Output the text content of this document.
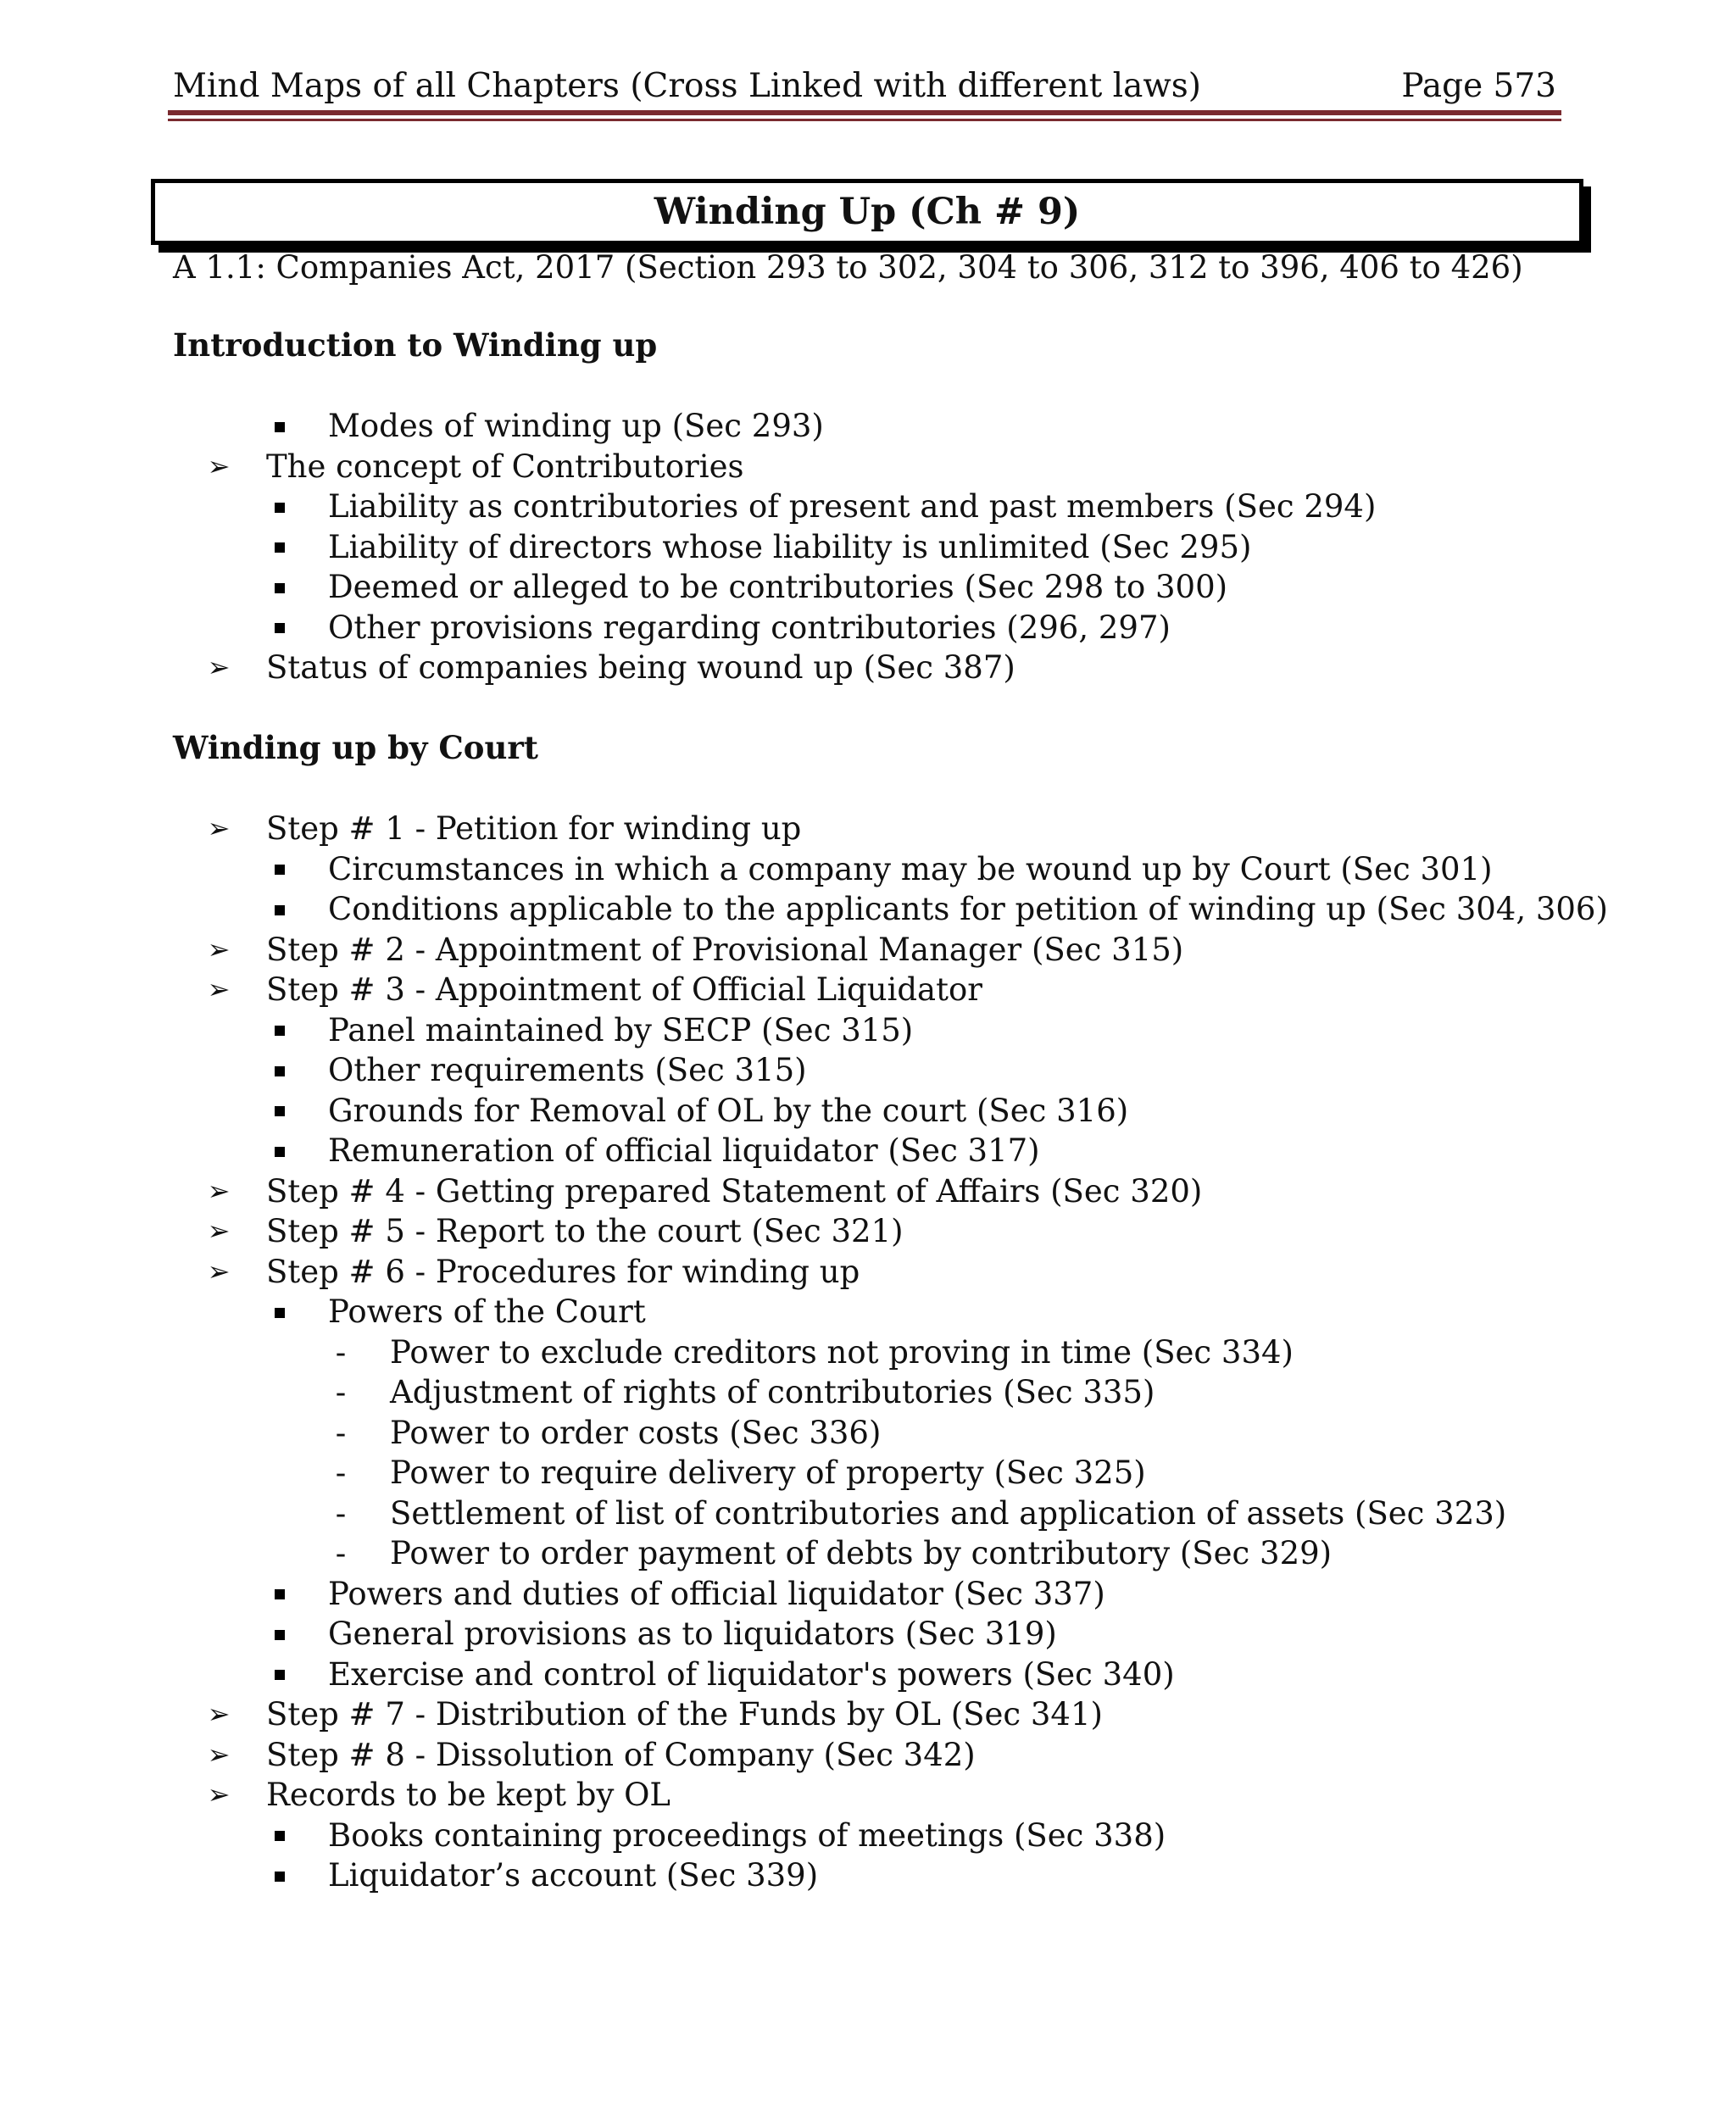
Mind Maps of all Chapters (Cross Linked with different laws)	Page 573
Winding Up (Ch # 9)
A 1.1: Companies Act, 2017 (Section 293 to 302, 304 to 306, 312 to 396, 406 to 426)
Introduction to Winding up
Modes of winding up (Sec 293)
➢ The concept of Contributories
Liability as contributories of present and past members (Sec 294)
Liability of directors whose liability is unlimited (Sec 295)
Deemed or alleged to be contributories (Sec 298 to 300)
Other provisions regarding contributories (296, 297)
➢ Status of companies being wound up (Sec 387)
Winding up by Court
➢ Step # 1 - Petition for winding up
Circumstances in which a company may be wound up by Court (Sec 301)
Conditions applicable to the applicants for petition of winding up (Sec 304, 306)
➢ Step # 2 - Appointment of Provisional Manager (Sec 315)
➢ Step # 3 - Appointment of Official Liquidator
Panel maintained by SECP (Sec 315)
Other requirements (Sec 315)
Grounds for Removal of OL by the court (Sec 316)
Remuneration of official liquidator (Sec 317)
➢ Step # 4 - Getting prepared Statement of Affairs (Sec 320)
➢ Step # 5 - Report to the court (Sec 321)
➢ Step # 6 - Procedures for winding up
Powers of the Court
-	Power to exclude creditors not proving in time (Sec 334)
-	Adjustment of rights of contributories (Sec 335)
-	Power to order costs (Sec 336)
-	Power to require delivery of property (Sec 325)
-	Settlement of list of contributories and application of assets (Sec 323)
-	Power to order payment of debts by contributory (Sec 329)
Powers and duties of official liquidator (Sec 337)
General provisions as to liquidators (Sec 319)
Exercise and control of liquidator's powers (Sec 340)
➢ Step # 7 - Distribution of the Funds by OL (Sec 341)
➢ Step # 8 - Dissolution of Company (Sec 342)
➢ Records to be kept by OL
Books containing proceedings of meetings (Sec 338)
Liquidator’s account (Sec 339)
